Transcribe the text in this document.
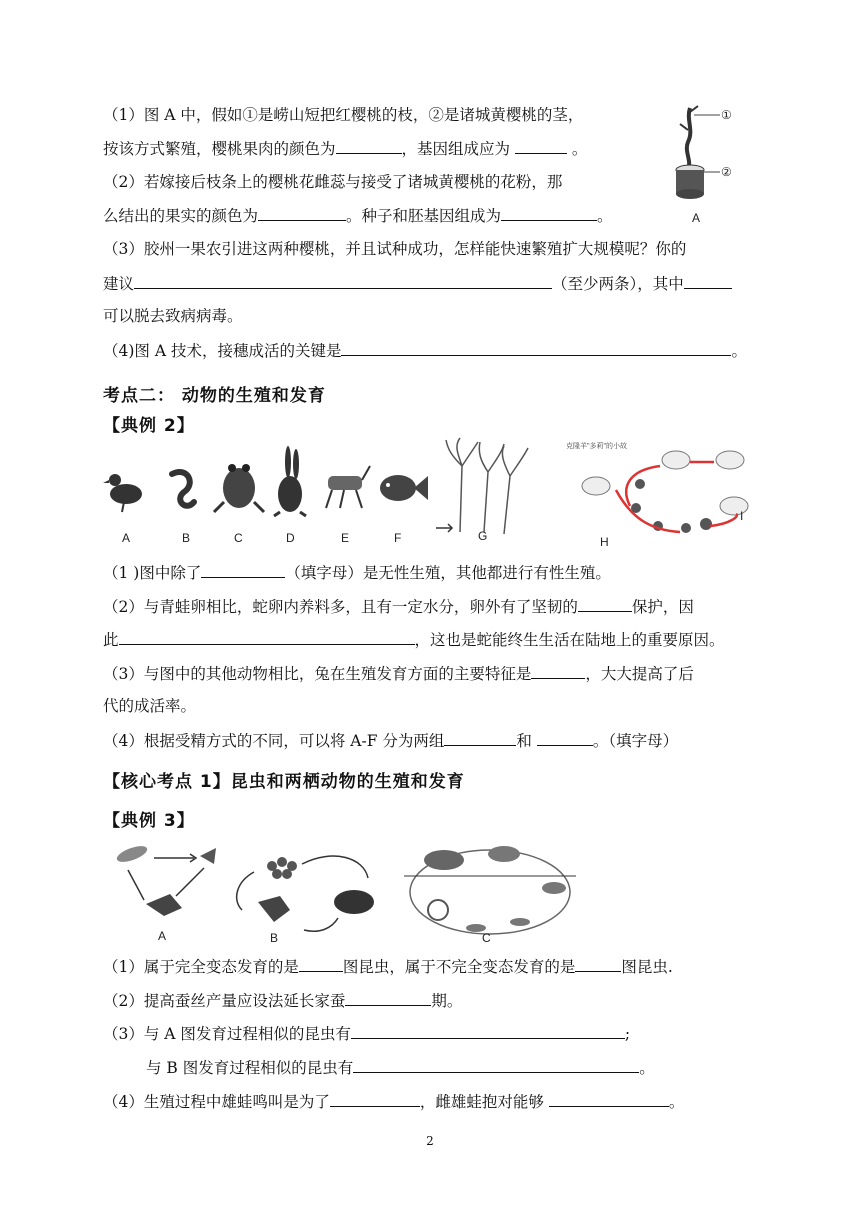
（1）图 A 中，假如①是崂山短把红樱桃的枝，②是诸城黄樱桃的茎，
按该方式繁殖，樱桃果肉的颜色为	，基因组成应为	。
（2）若嫁接后枝条上的樱桃花雌蕊与接受了诸城黄樱桃的花粉，那
么结出的果实的颜色为	。种子和胚基因组成为	。
（3）胶州一果农引进这两种樱桃，并且试种成功，怎样能快速繁殖扩大规模呢？你的
建议	（至少两条），其中
可以脱去致病病毒。
（4)图 A 技术，接穗成活的关键是	。
①
②
A
考点二： 动物的生殖和发育
【典例 2】
克隆羊"多莉"的小故
A	B	C	D	E	F	G	H
I
（1 )图中除了	（填字母）是无性生殖，其他都进行有性生殖。
（2）与青蛙卵相比，蛇卵内养料多，且有一定水分，卵外有了坚韧的	保护，因
此	，这也是蛇能终生生活在陆地上的重要原因。
（3）与图中的其他动物相比，兔在生殖发育方面的主要特征是	，大大提高了后
代的成活率。
（4）根据受精方式的不同，可以将 A-F 分为两组	和	。（填字母）
【核心考点 1】昆虫和两栖动物的生殖和发育
【典例 3】
A	B	C
（1）属于完全变态发育的是	图昆虫，属于不完全变态发育的是	图昆虫.
（2）提高蚕丝产量应设法延长家蚕	期。
（3）与 A 图发育过程相似的昆虫有	;
与 B 图发育过程相似的昆虫有	。
（4）生殖过程中雄蛙鸣叫是为了	，雌雄蛙抱对能够	。
2
